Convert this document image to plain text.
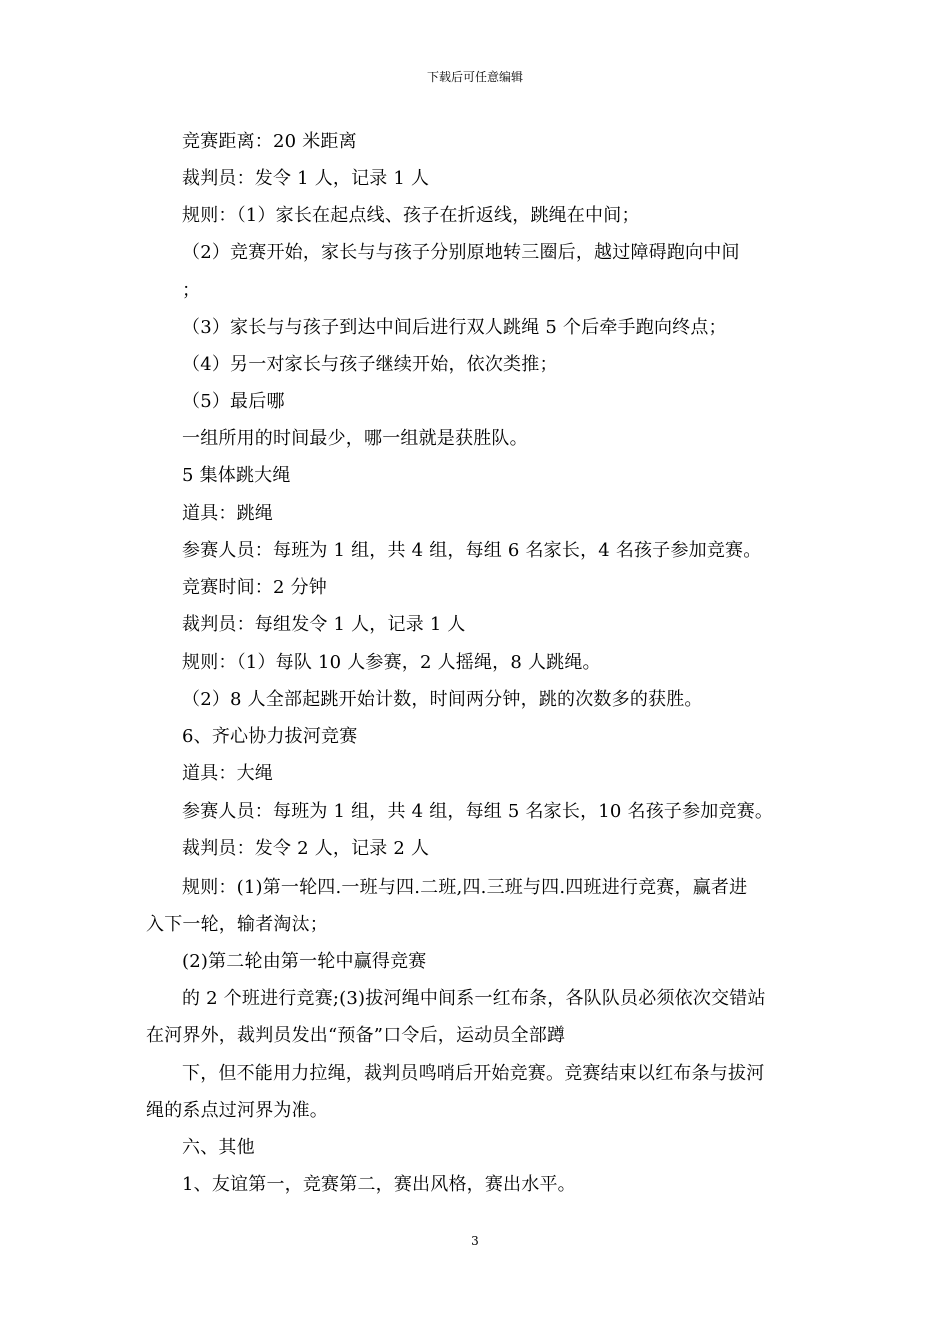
下载后可任意编辑
竞赛距离：20 米距离
裁判员：发令 1 人，记录 1 人
规则：（1）家长在起点线、孩子在折返线，跳绳在中间；
（2）竞赛开始，家长与与孩子分别原地转三圈后，越过障碍跑向中间
；
（3）家长与与孩子到达中间后进行双人跳绳 5 个后牵手跑向终点；
（4）另一对家长与孩子继续开始，依次类推；
（5）最后哪
一组所用的时间最少，哪一组就是获胜队。
5 集体跳大绳
道具：跳绳
参赛人员：每班为 1 组，共 4 组，每组 6 名家长，4 名孩子参加竞赛。
竞赛时间：2 分钟
裁判员：每组发令 1 人，记录 1 人
规则：（1）每队 10 人参赛，2 人摇绳，8 人跳绳。
（2）8 人全部起跳开始计数，时间两分钟，跳的次数多的获胜。
6、齐心协力拔河竞赛
道具：大绳
参赛人员：每班为 1 组，共 4 组，每组 5 名家长，10 名孩子参加竞赛。
裁判员：发令 2 人，记录 2 人
规则：(1)第一轮四.一班与四.二班,四.三班与四.四班进行竞赛，赢者进
入下一轮，输者淘汰；
(2)第二轮由第一轮中赢得竞赛
的 2 个班进行竞赛;(3)拔河绳中间系一红布条，各队队员必须依次交错站
在河界外，裁判员发出“预备”口令后，运动员全部蹲
下，但不能用力拉绳，裁判员鸣哨后开始竞赛。竞赛结束以红布条与拔河
绳的系点过河界为准。
六、其他
1、友谊第一，竞赛第二，赛出风格，赛出水平。
3
